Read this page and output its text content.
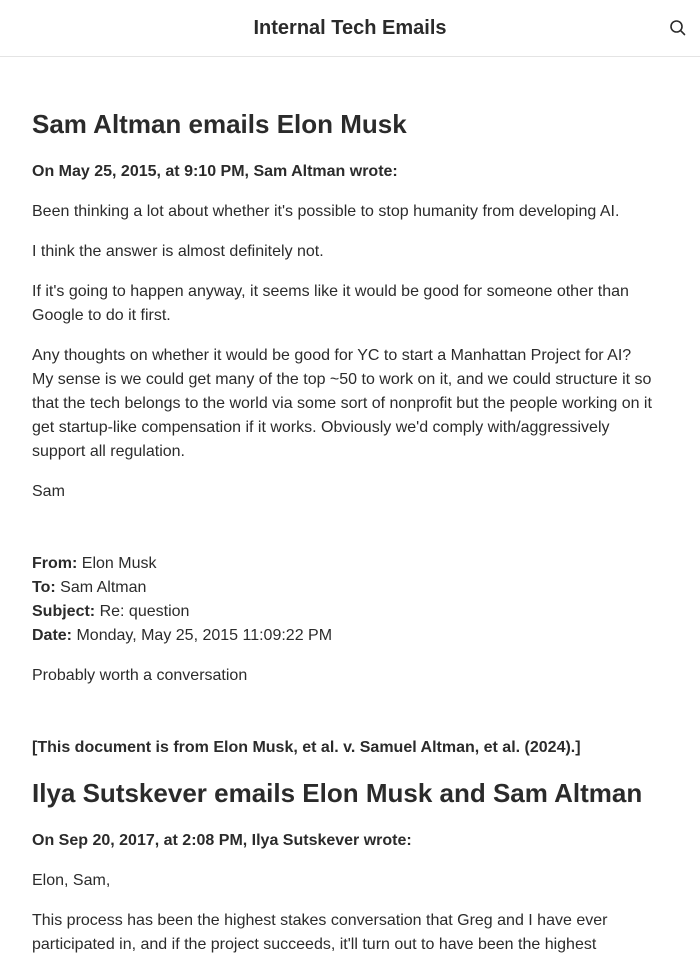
Internal Tech Emails
Sam Altman emails Elon Musk
On May 25, 2015, at 9:10 PM, Sam Altman wrote:

Been thinking a lot about whether it's possible to stop humanity from developing AI.

I think the answer is almost definitely not.

If it's going to happen anyway, it seems like it would be good for someone other than Google to do it first.

Any thoughts on whether it would be good for YC to start a Manhattan Project for AI? My sense is we could get many of the top ~50 to work on it, and we could structure it so that the tech belongs to the world via some sort of nonprofit but the people working on it get startup-like compensation if it works. Obviously we'd comply with/aggressively support all regulation.

Sam

From: Elon Musk
To: Sam Altman
Subject: Re: question
Date: Monday, May 25, 2015 11:09:22 PM

Probably worth a conversation

[This document is from Elon Musk, et al. v. Samuel Altman, et al. (2024).]
Ilya Sutskever emails Elon Musk and Sam Altman
On Sep 20, 2017, at 2:08 PM, Ilya Sutskever wrote:

Elon, Sam,

This process has been the highest stakes conversation that Greg and I have ever participated in, and if the project succeeds, it'll turn out to have been the highest
